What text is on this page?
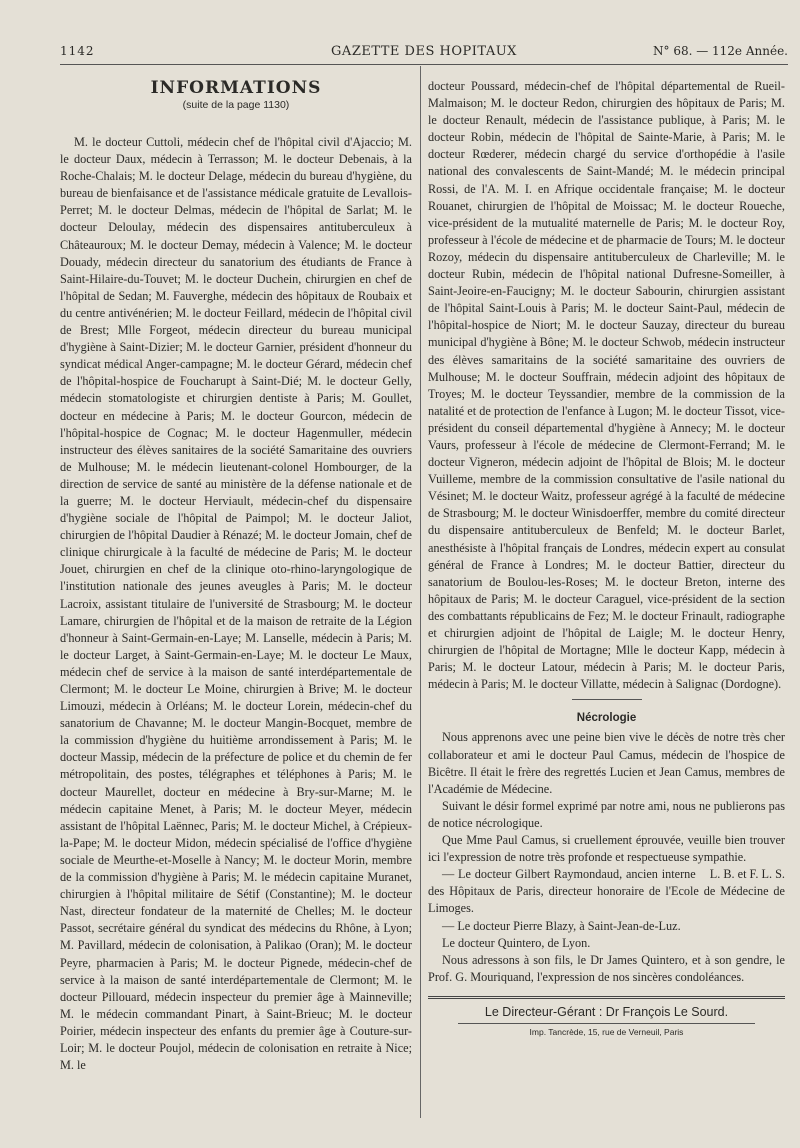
1142	GAZETTE DES HOPITAUX	N° 68. — 112e Année.
INFORMATIONS

(suite de la page 1130)

M. le docteur Cuttoli, médecin chef de l'hôpital civil d'Ajaccio; M. le docteur Daux, médecin à Terrasson; M. le docteur Debenais, à la Roche-Chalais; M. le docteur Delage, médecin du bureau d'hygiène, du bureau de bienfaisance et de l'assistance médicale gratuite de Levallois-Perret; M. le docteur Delmas, médecin de l'hôpital de Sarlat; M. le docteur Deloulay, médecin des dispensaires antituberculeux à Châteauroux; M. le docteur Demay, médecin à Valence; M. le docteur Douady, médecin directeur du sanatorium des étudiants de France à Saint-Hilaire-du-Touvet; M. le docteur Duchein, chirurgien en chef de l'hôpital de Sedan; M. Fauverghe, médecin des hôpitaux de Roubaix et du centre antivénérien; M. le docteur Feillard, médecin de l'hôpital civil de Brest; Mlle Forgeot, médecin directeur du bureau municipal d'hygiène à Saint-Dizier; M. le docteur Garnier, président d'honneur du syndicat médical Anger-campagne; M. le docteur Gérard, médecin chef de l'hôpital-hospice de Foucharupt à Saint-Dié; M. le docteur Gelly, médecin stomatologiste et chirurgien dentiste à Paris; M. Goullet, docteur en médecine à Paris; M. le docteur Gourcon, médecin de l'hôpital-hospice de Cognac; M. le docteur Hagenmuller, médecin instructeur des élèves sanitaires de la société Samaritaine des ouvriers de Mulhouse; M. le médecin lieutenant-colonel Hombourger, de la direction de service de santé au ministère de la défense nationale et de la guerre; M. le docteur Herviault, médecin-chef du dispensaire d'hygiène sociale de l'hôpital de Paimpol; M. le docteur Jaliot, chirurgien de l'hôpital Daudier à Rénazé; M. le docteur Jomain, chef de clinique chirurgicale à la faculté de médecine de Paris; M. le docteur Jouet, chirurgien en chef de la clinique oto-rhino-laryngologique de l'institution nationale des jeunes aveugles à Paris; M. le docteur Lacroix, assistant titulaire de l'université de Strasbourg; M. le docteur Lamare, chirurgien de l'hôpital et de la maison de retraite de la Légion d'honneur à Saint-Germain-en-Laye; M. Lanselle, médecin à Paris; M. le docteur Larget, à Saint-Germain-en-Laye; M. le docteur Le Maux, médecin chef de service à la maison de santé interdépartementale de Clermont; M. le docteur Le Moine, chirurgien à Brive; M. le docteur Limouzi, médecin à Orléans; M. le docteur Lorein, médecin-chef du sanatorium de Chavanne; M. le docteur Mangin-Bocquet, membre de la commission d'hygiène du huitième arrondissement à Paris; M. le docteur Massip, médecin de la préfecture de police et du chemin de fer métropolitain, des postes, télégraphes et téléphones à Paris; M. le docteur Maurellet, docteur en médecine à Bry-sur-Marne; M. le médecin capitaine Menet, à Paris; M. le docteur Meyer, médecin assistant de l'hôpital Laënnec, Paris; M. le docteur Michel, à Crépieux-la-Pape; M. le docteur Midon, médecin spécialisé de l'office d'hygiène sociale de Meurthe-et-Moselle à Nancy; M. le docteur Morin, membre de la commission d'hygiène à Paris; M. le médecin capitaine Muranet, chirurgien à l'hôpital militaire de Sétif (Constantine); M. le docteur Nast, directeur fondateur de la maternité de Chelles; M. le docteur Passot, secrétaire général du syndicat des médecins du Rhône, à Lyon; M. Pavillard, médecin de colonisation, à Palikao (Oran); M. le docteur Peyre, pharmacien à Paris; M. le docteur Pignede, médecin-chef de service à la maison de santé interdépartementale de Clermont; M. le docteur Pillouard, médecin inspecteur du premier âge à Mainneville; M. le médecin commandant Pinart, à Saint-Brieuc; M. le docteur Poirier, médecin inspecteur des enfants du premier âge à Couture-sur-Loir; M. le docteur Poujol, médecin de colonisation en retraite à Nice; M. le

docteur Poussard, médecin-chef de l'hôpital départemental de Rueil-Malmaison; M. le docteur Redon, chirurgien des hôpitaux de Paris; M. le docteur Renault, médecin de l'assistance publique, à Paris; M. le docteur Robin, médecin de l'hôpital de Sainte-Marie, à Paris; M. le docteur Rœderer, médecin chargé du service d'orthopédie à l'asile national des convalescents de Saint-Mandé; M. le médecin principal Rossi, de l'A. M. I. en Afrique occidentale française; M. le docteur Rouanet, chirurgien de l'hôpital de Moissac; M. le docteur Roueche, vice-président de la mutualité maternelle de Paris; M. le docteur Roy, professeur à l'école de médecine et de pharmacie de Tours; M. le docteur Rozoy, médecin du dispensaire antituberculeux de Charleville; M. le docteur Rubin, médecin de l'hôpital national Dufresne-Someiller, à Saint-Jeoire-en-Faucigny; M. le docteur Sabourin, chirurgien assistant de l'hôpital Saint-Louis à Paris; M. le docteur Saint-Paul, médecin de l'hôpital-hospice de Niort; M. le docteur Sauzay, directeur du bureau municipal d'hygiène à Bône; M. le docteur Schwob, médecin instructeur des élèves samaritains de la société samaritaine des ouvriers de Mulhouse; M. le docteur Souffrain, médecin adjoint des hôpitaux de Troyes; M. le docteur Teyssandier, membre de la commission de la natalité et de protection de l'enfance à Lugon; M. le docteur Tissot, vice-président du conseil départemental d'hygiène à Annecy; M. le docteur Vaurs, professeur à l'école de médecine de Clermont-Ferrand; M. le docteur Vigneron, médecin adjoint de l'hôpital de Blois; M. le docteur Vuilleme, membre de la commission consultative de l'asile national du Vésinet; M. le docteur Waitz, professeur agrégé à la faculté de médecine de Strasbourg; M. le docteur Winisdoerffer, membre du comité directeur du dispensaire antituberculeux de Benfeld; M. le docteur Barlet, anesthésiste à l'hôpital français de Londres, médecin expert au consulat général de France à Londres; M. le docteur Battier, directeur du sanatorium de Boulou-les-Roses; M. le docteur Breton, interne des hôpitaux de Paris; M. le docteur Caraguel, vice-président de la section des combattants républicains de Fez; M. le docteur Frinault, radiographe et chirurgien adjoint de l'hôpital de Laigle; M. le docteur Henry, chirurgien de l'hôpital de Mortagne; Mlle le docteur Kapp, médecin à Paris; M. le docteur Latour, médecin à Paris; M. le docteur Paris, médecin à Paris; M. le docteur Villatte, médecin à Salignac (Dordogne).

Nécrologie

Nous apprenons avec une peine bien vive le décès de notre très cher collaborateur et ami le docteur Paul Camus, médecin de l'hospice de Bicêtre. Il était le frère des regrettés Lucien et Jean Camus, membres de l'Académie de Médecine.

Suivant le désir formel exprimé par notre ami, nous ne publierons pas de notice nécrologique.

Que Mme Paul Camus, si cruellement éprouvée, veuille bien trouver ici l'expression de notre très profonde et respectueuse sympathie.
L. B. et F. L. S.

— Le docteur Gilbert Raymondaud, ancien interne des Hôpitaux de Paris, directeur honoraire de l'Ecole de Médecine de Limoges.

— Le docteur Pierre Blazy, à Saint-Jean-de-Luz.

Le docteur Quintero, de Lyon.

Nous adressons à son fils, le Dr James Quintero, et à son gendre, le Prof. G. Mouriquand, l'expression de nos sincères condoléances.

Le Directeur-Gérant : Dr François Le Sourd.

Imp. Tancrède, 15, rue de Verneuil, Paris
